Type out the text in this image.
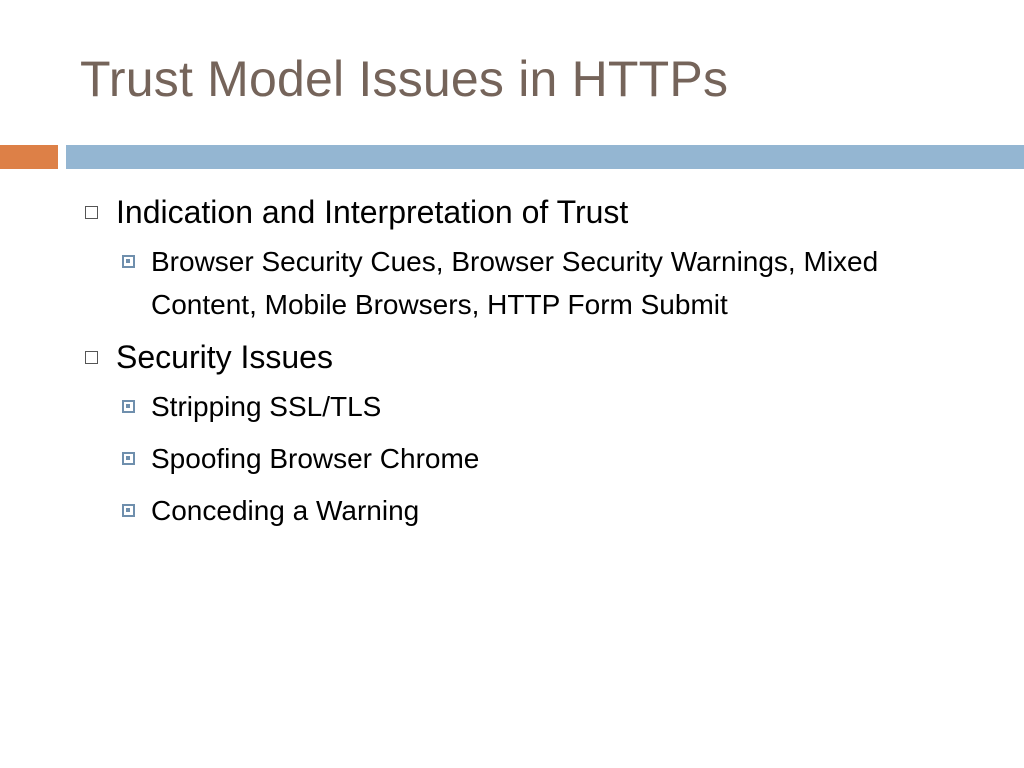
Trust Model Issues in HTTPs
Indication and Interpretation of Trust
Browser Security Cues, Browser Security Warnings, Mixed Content, Mobile Browsers, HTTP Form Submit
Security Issues
Stripping SSL/TLS
Spoofing Browser Chrome
Conceding a Warning
